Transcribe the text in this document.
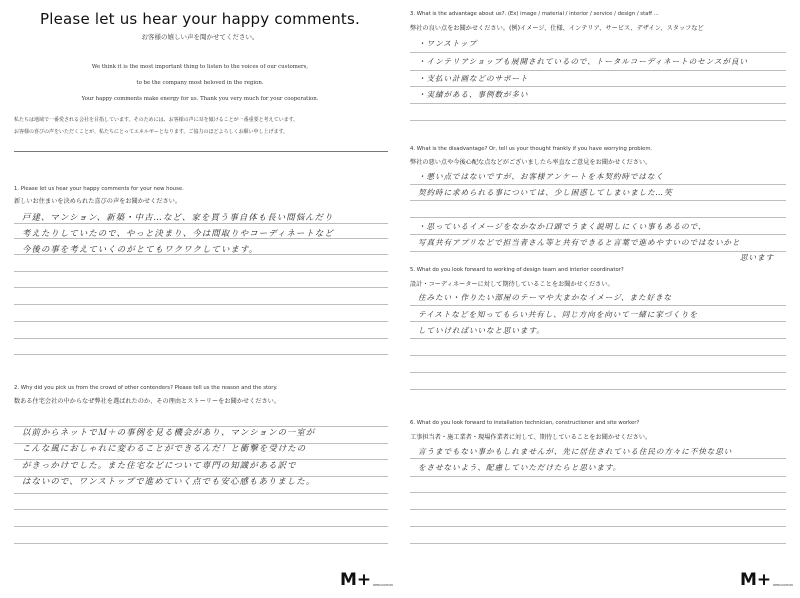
Please let us hear your happy comments.
お客様の嬉しい声を聞かせてください。
We think it is the most important thing to listen to the voices of our customers,
to be the company most beloved in the region.
Your happy comments make energy for us. Thank you very much for your cooperation.
私たちは地域で一番愛される会社を目指しています。そのためには、お客様の声に耳を傾けることが一番重要と考えています。
お客様の喜びの声をいただくことが、私たちにとってエネルギーとなります。ご協力のほどよろしくお願い申し上げます。
1. Please let us hear your happy comments for your new house.
新しいお住まいを決められた喜びの声をお聞かせください。
戸建、マンション、新築・中古…など、家を買う事自体も長い間悩んだり
考えたりしていたので、やっと決まり、今は間取りやコーディネートなど
今後の事を考えていくのがとてもワクワクしています。
2. Why did you pick us from the crowd of other contenders? Please tell us the reason and the story.
数ある住宅会社の中からなぜ弊社を選ばれたのか、その理由とストーリーをお聞かせください。
以前からネットでＭ＋の事例を見る機会があり、マンションの一室が
こんな風におしゃれに変わることができるんだ！と衝撃を受けたの
がきっかけでした。また住宅などについて専門の知識がある訳で
はないので、ワンストップで進めていく点でも安心感もありました。
M+ RENOVATION
3. What is the advantage about us?. (Ex) image / material / interior / service / design / staff ...
弊社の良い点をお聞かせください。(例)イメージ、仕様、インテリア、サービス、デザイン、スタッフなど
・ワンストップ
・インテリアショップも展開されているので、トータルコーディネートのセンスが良い
・支払い計画などのサポート
・実績がある、事例数が多い
4. What is the disadvantage? Or, tell us your thought frankly if you have worrying problem.
弊社の悪い点や今後心配な点などがございましたら率直なご意見をお聞かせください。
・悪い点ではないですが、お客様アンケートを本契約時ではなく
契約時に求められる事については、少し困惑してしまいました…笑
・思っているイメージをなかなか口頭でうまく説明しにくい事もあるので、
写真共有アプリなどで担当者さん等と共有できると言葉で進めやすいのではないかと
思います
5. What do you look forward to working of design team and interior coordinator?
設計・コーディネーターに対して期待していることをお聞かせください。
住みたい・作りたい部屋のテーマや大まかなイメージ、また好きな
テイストなどを知ってもらい共有し、同じ方向を向いて一緒に家づくりを
していければいいなと思います。
6. What do you look forward to installation technician, constructioner and site worker?
工事担当者・施工業者・現場作業者に対して、期待していることをお聞かせください。
言うまでもない事かもしれませんが、先に居住されている住民の方々に不快な思い
をさせないよう、配慮していただけたらと思います。
M+ RENOVATION
